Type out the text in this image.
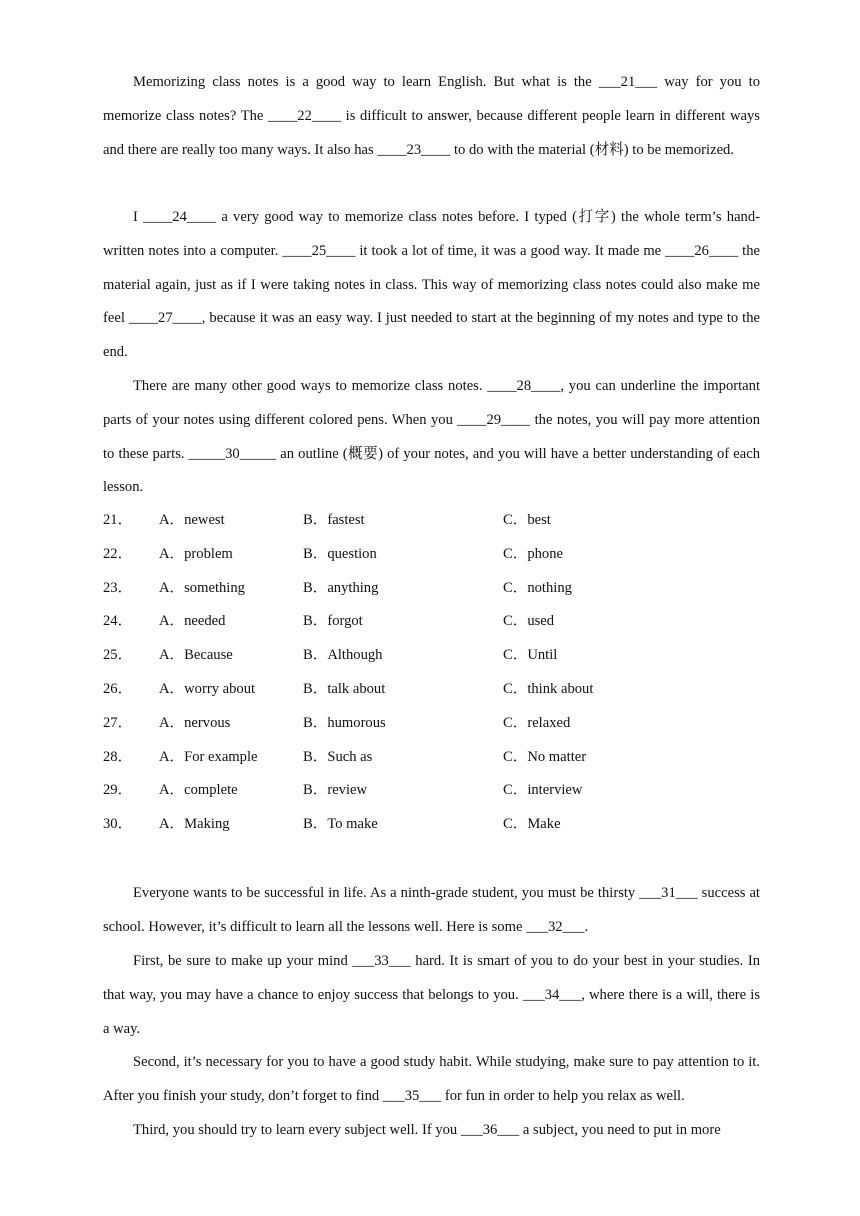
Memorizing class notes is a good way to learn English. But what is the ___21___ way for you to memorize class notes? The ____22____ is difficult to answer, because different people learn in different ways and there are really too many ways. It also has ____23____ to do with the material (材料) to be memorized.

I ____24____ a very good way to memorize class notes before. I typed (打字) the whole term’s hand-written notes into a computer. ____25____ it took a lot of time, it was a good way. It made me ____26____ the material again, just as if I were taking notes in class. This way of memorizing class notes could also make me feel ____27____, because it was an easy way. I just needed to start at the beginning of my notes and type to the end.

There are many other good ways to memorize class notes. ____28____, you can underline the important parts of your notes using different colored pens. When you ____29____ the notes, you will pay more attention to these parts. _____30_____ an outline (概要) of your notes, and you will have a better understanding of each lesson.

21． A．newest	B．fastest	C．best
22． A．problem	B．question	C．phone
23． A．something	B．anything	C．nothing
24． A．needed	B．forgot	C．used
25． A．Because	B．Although	C．Until
26． A．worry about	B．talk about	C．think about
27． A．nervous	B．humorous	C．relaxed
28． A．For example	B．Such as	C．No matter
29． A．complete	B．review	C．interview
30． A．Making	B．To make	C．Make

Everyone wants to be successful in life. As a ninth-grade student, you must be thirsty ___31___ success at school. However, it’s difficult to learn all the lessons well. Here is some ___32___.

First, be sure to make up your mind ___33___ hard. It is smart of you to do your best in your studies. In that way, you may have a chance to enjoy success that belongs to you. ___34___, where there is a will, there is a way.

Second, it’s necessary for you to have a good study habit. While studying, make sure to pay attention to it. After you finish your study, don’t forget to find ___35___ for fun in order to help you relax as well.

Third, you should try to learn every subject well. If you ___36___ a subject, you need to put in more
